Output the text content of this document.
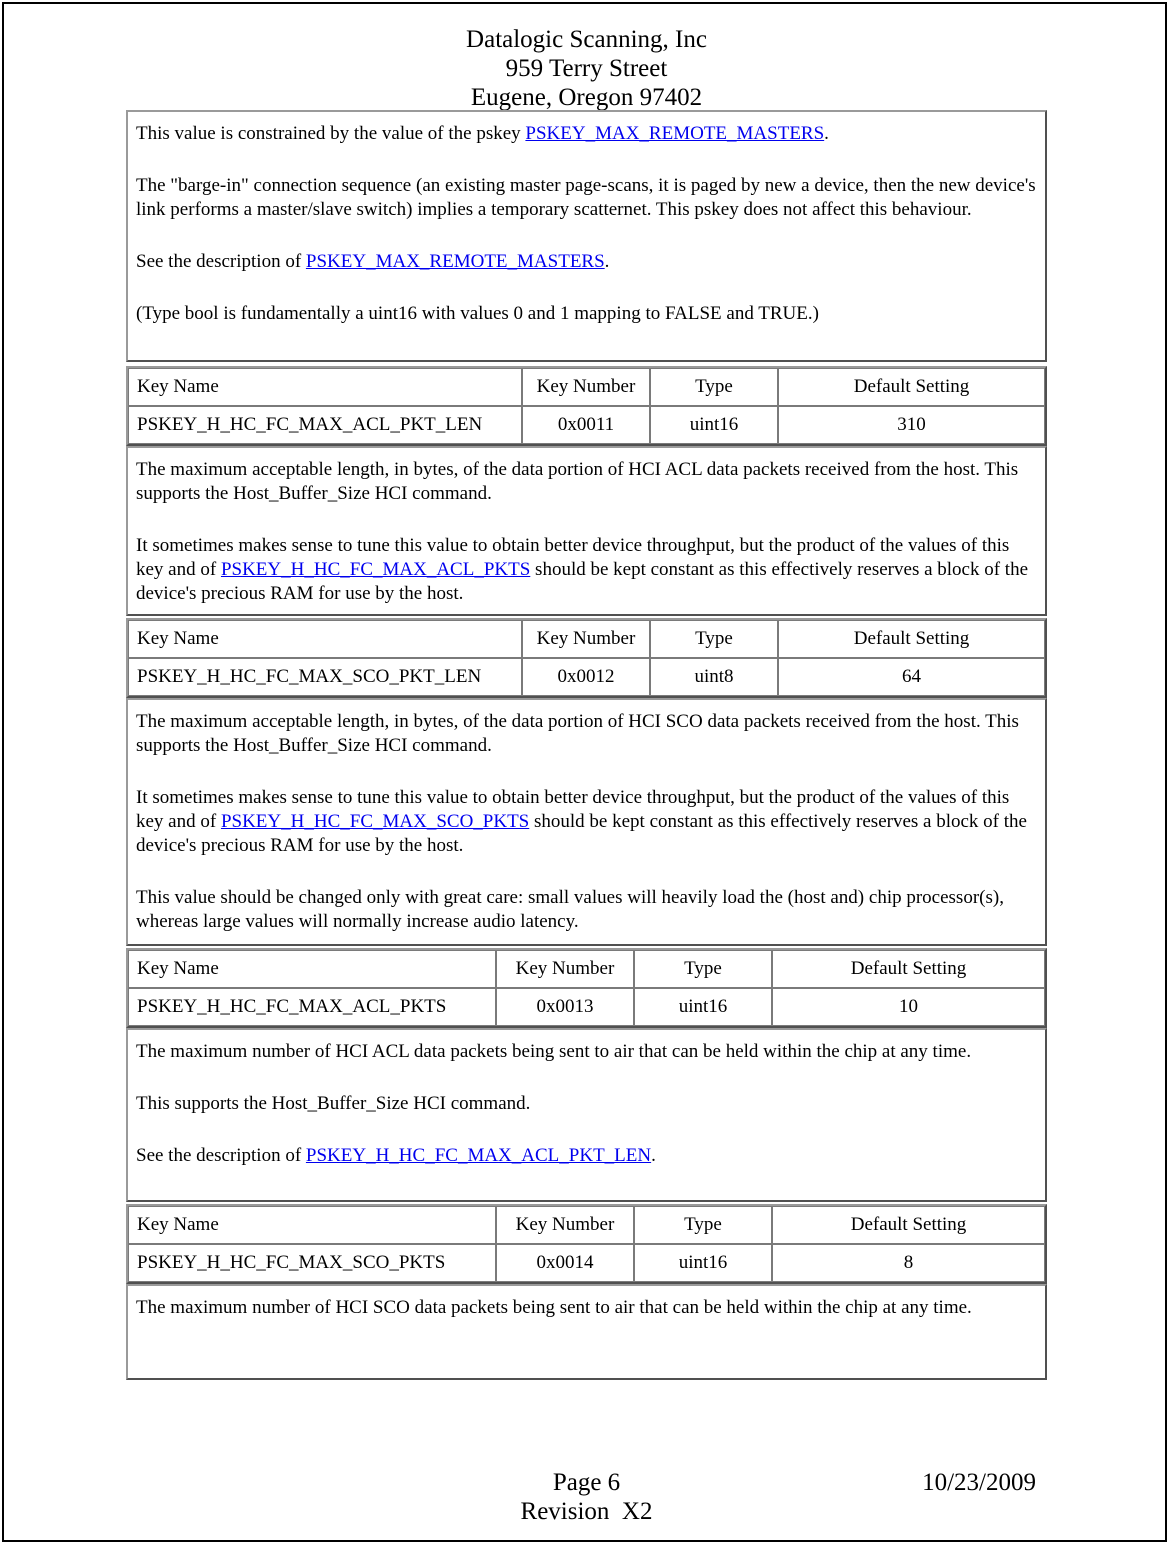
Datalogic Scanning, Inc
959 Terry Street
Eugene, Oregon 97402

This value is constrained by the value of the pskey PSKEY_MAX_REMOTE_MASTERS.

The "barge-in" connection sequence (an existing master page-scans, it is paged by new a device, then the new device's link performs a master/slave switch) implies a temporary scatternet. This pskey does not affect this behaviour.

See the description of PSKEY_MAX_REMOTE_MASTERS.

(Type bool is fundamentally a uint16 with values 0 and 1 mapping to FALSE and TRUE.)

Key Name	Key Number	Type	Default Setting
PSKEY_H_HC_FC_MAX_ACL_PKT_LEN	0x0011	uint16	310

The maximum acceptable length, in bytes, of the data portion of HCI ACL data packets received from the host. This supports the Host_Buffer_Size HCI command.

It sometimes makes sense to tune this value to obtain better device throughput, but the product of the values of this key and of PSKEY_H_HC_FC_MAX_ACL_PKTS should be kept constant as this effectively reserves a block of the device's precious RAM for use by the host.

Key Name	Key Number	Type	Default Setting
PSKEY_H_HC_FC_MAX_SCO_PKT_LEN	0x0012	uint8	64

The maximum acceptable length, in bytes, of the data portion of HCI SCO data packets received from the host. This supports the Host_Buffer_Size HCI command.

It sometimes makes sense to tune this value to obtain better device throughput, but the product of the values of this key and of PSKEY_H_HC_FC_MAX_SCO_PKTS should be kept constant as this effectively reserves a block of the device's precious RAM for use by the host.

This value should be changed only with great care: small values will heavily load the (host and) chip processor(s), whereas large values will normally increase audio latency.

Key Name	Key Number	Type	Default Setting
PSKEY_H_HC_FC_MAX_ACL_PKTS	0x0013	uint16	10

The maximum number of HCI ACL data packets being sent to air that can be held within the chip at any time.

This supports the Host_Buffer_Size HCI command.

See the description of PSKEY_H_HC_FC_MAX_ACL_PKT_LEN.

Key Name	Key Number	Type	Default Setting
PSKEY_H_HC_FC_MAX_SCO_PKTS	0x0014	uint16	8

The maximum number of HCI SCO data packets being sent to air that can be held within the chip at any time.

Page 6
Revision  X2
10/23/2009
